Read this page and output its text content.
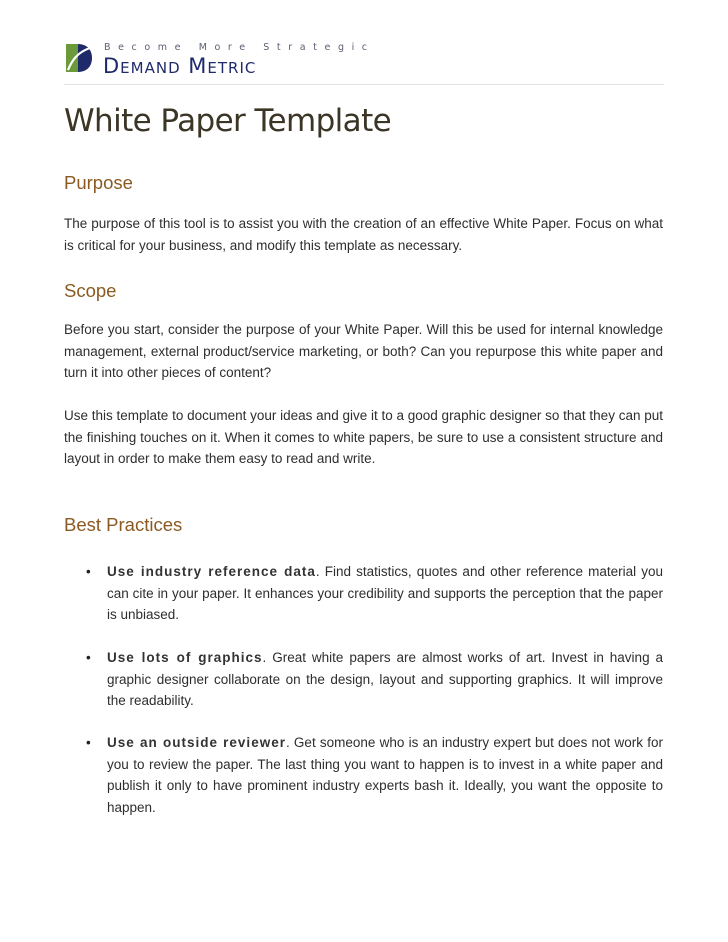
Become More Strategic
Demand Metric
White Paper Template
Purpose

The purpose of this tool is to assist you with the creation of an effective White Paper. Focus on what is critical for your business, and modify this template as necessary.

Scope

Before you start, consider the purpose of your White Paper. Will this be used for internal knowledge management, external product/service marketing, or both? Can you repurpose this white paper and turn it into other pieces of content?

Use this template to document your ideas and give it to a good graphic designer so that they can put the finishing touches on it. When it comes to white papers, be sure to use a consistent structure and layout in order to make them easy to read and write.

Best Practices
• Use industry reference data. Find statistics, quotes and other reference material you can cite in your paper. It enhances your credibility and supports the perception that the paper is unbiased.

• Use lots of graphics. Great white papers are almost works of art. Invest in having a graphic designer collaborate on the design, layout and supporting graphics. It will improve the readability.

• Use an outside reviewer. Get someone who is an industry expert but does not work for you to review the paper. The last thing you want to happen is to invest in a white paper and publish it only to have prominent industry experts bash it. Ideally, you want the opposite to happen.
